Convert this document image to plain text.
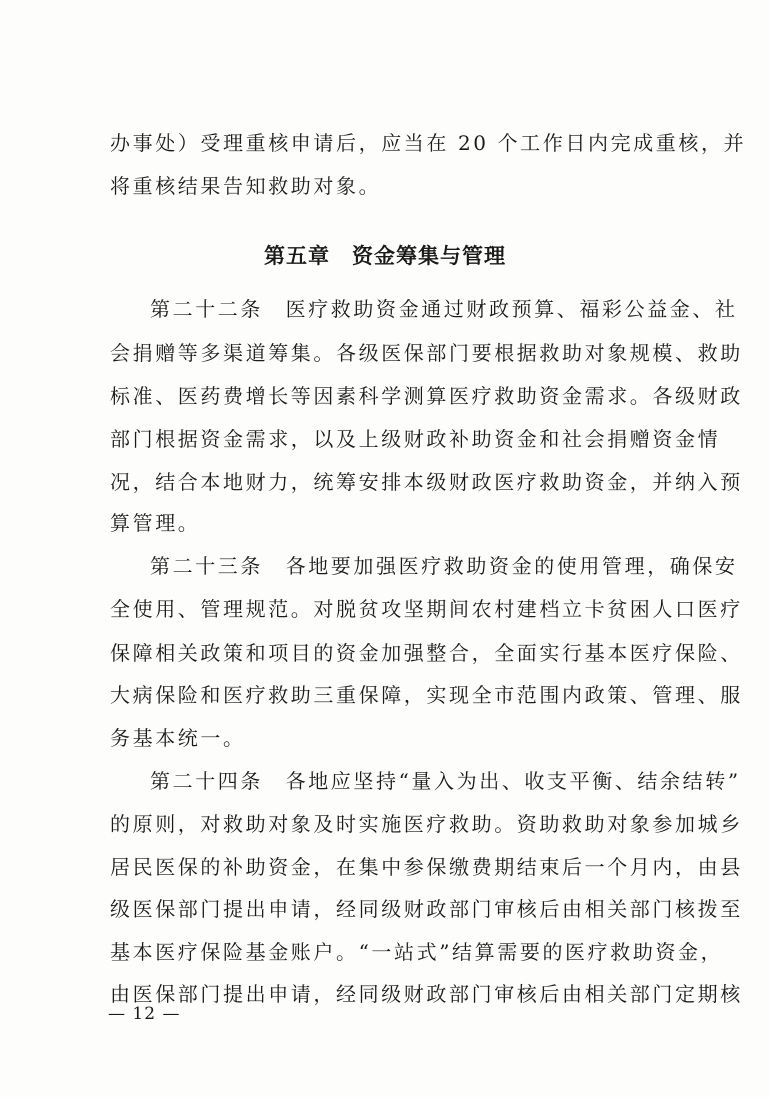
办事处）受理重核申请后，应当在 20 个工作日内完成重核，并
将重核结果告知救助对象。
第五章　资金筹集与管理
第二十二条　医疗救助资金通过财政预算、福彩公益金、社
会捐赠等多渠道筹集。各级医保部门要根据救助对象规模、救助
标准、医药费增长等因素科学测算医疗救助资金需求。各级财政
部门根据资金需求，以及上级财政补助资金和社会捐赠资金情
况，结合本地财力，统筹安排本级财政医疗救助资金，并纳入预
算管理。
第二十三条　各地要加强医疗救助资金的使用管理，确保安
全使用、管理规范。对脱贫攻坚期间农村建档立卡贫困人口医疗
保障相关政策和项目的资金加强整合，全面实行基本医疗保险、
大病保险和医疗救助三重保障，实现全市范围内政策、管理、服
务基本统一。
第二十四条　各地应坚持“量入为出、收支平衡、结余结转”
的原则，对救助对象及时实施医疗救助。资助救助对象参加城乡
居民医保的补助资金，在集中参保缴费期结束后一个月内，由县
级医保部门提出申请，经同级财政部门审核后由相关部门核拨至
基本医疗保险基金账户。“一站式”结算需要的医疗救助资金，
由医保部门提出申请，经同级财政部门审核后由相关部门定期核
— 12 —
